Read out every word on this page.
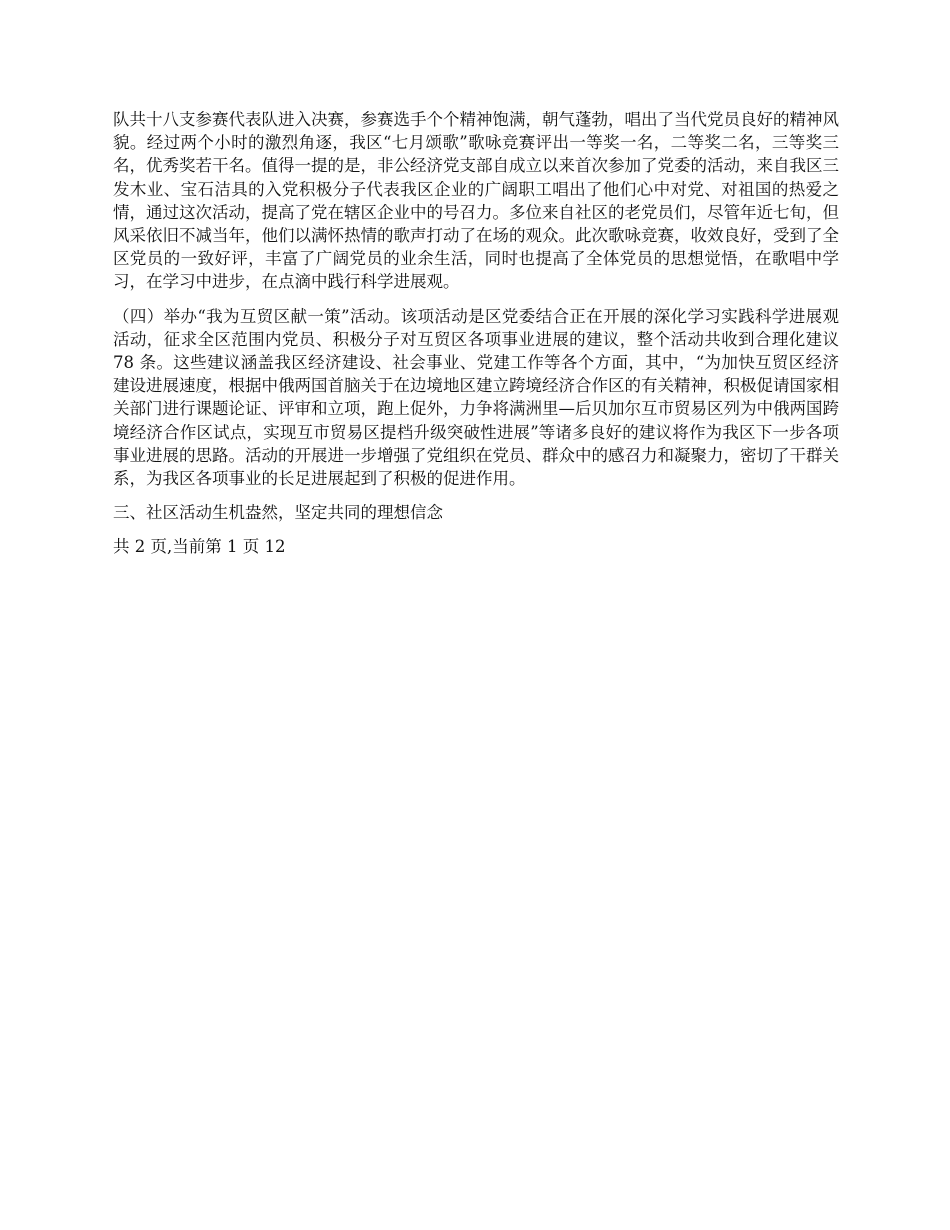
队共十八支参赛代表队进入决赛，参赛选手个个精神饱满，朝气蓬勃，唱出了当代党员良好的精神风貌。经过两个小时的激烈角逐，我区“七月颂歌”歌咏竞赛评出一等奖一名，二等奖二名，三等奖三名，优秀奖若干名。值得一提的是，非公经济党支部自成立以来首次参加了党委的活动，来自我区三发木业、宝石洁具的入党积极分子代表我区企业的广阔职工唱出了他们心中对党、对祖国的热爱之情，通过这次活动，提高了党在辖区企业中的号召力。多位来自社区的老党员们，尽管年近七旬，但风采依旧不减当年，他们以满怀热情的歌声打动了在场的观众。此次歌咏竞赛，收效良好，受到了全区党员的一致好评，丰富了广阔党员的业余生活，同时也提高了全体党员的思想觉悟，在歌唱中学习，在学习中进步，在点滴中践行科学进展观。

（四）举办“我为互贸区献一策”活动。该项活动是区党委结合正在开展的深化学习实践科学进展观活动，征求全区范围内党员、积极分子对互贸区各项事业进展的建议，整个活动共收到合理化建议 78 条。这些建议涵盖我区经济建设、社会事业、党建工作等各个方面，其中，“为加快互贸区经济建设进展速度，根据中俄两国首脑关于在边境地区建立跨境经济合作区的有关精神，积极促请国家相关部门进行课题论证、评审和立项，跑上促外，力争将满洲里—后贝加尔互市贸易区列为中俄两国跨境经济合作区试点，实现互市贸易区提档升级突破性进展”等诸多良好的建议将作为我区下一步各项事业进展的思路。活动的开展进一步增强了党组织在党员、群众中的感召力和凝聚力，密切了干群关系，为我区各项事业的长足进展起到了积极的促进作用。

三、社区活动生机盎然，坚定共同的理想信念

共 2 页,当前第 1 页 12
